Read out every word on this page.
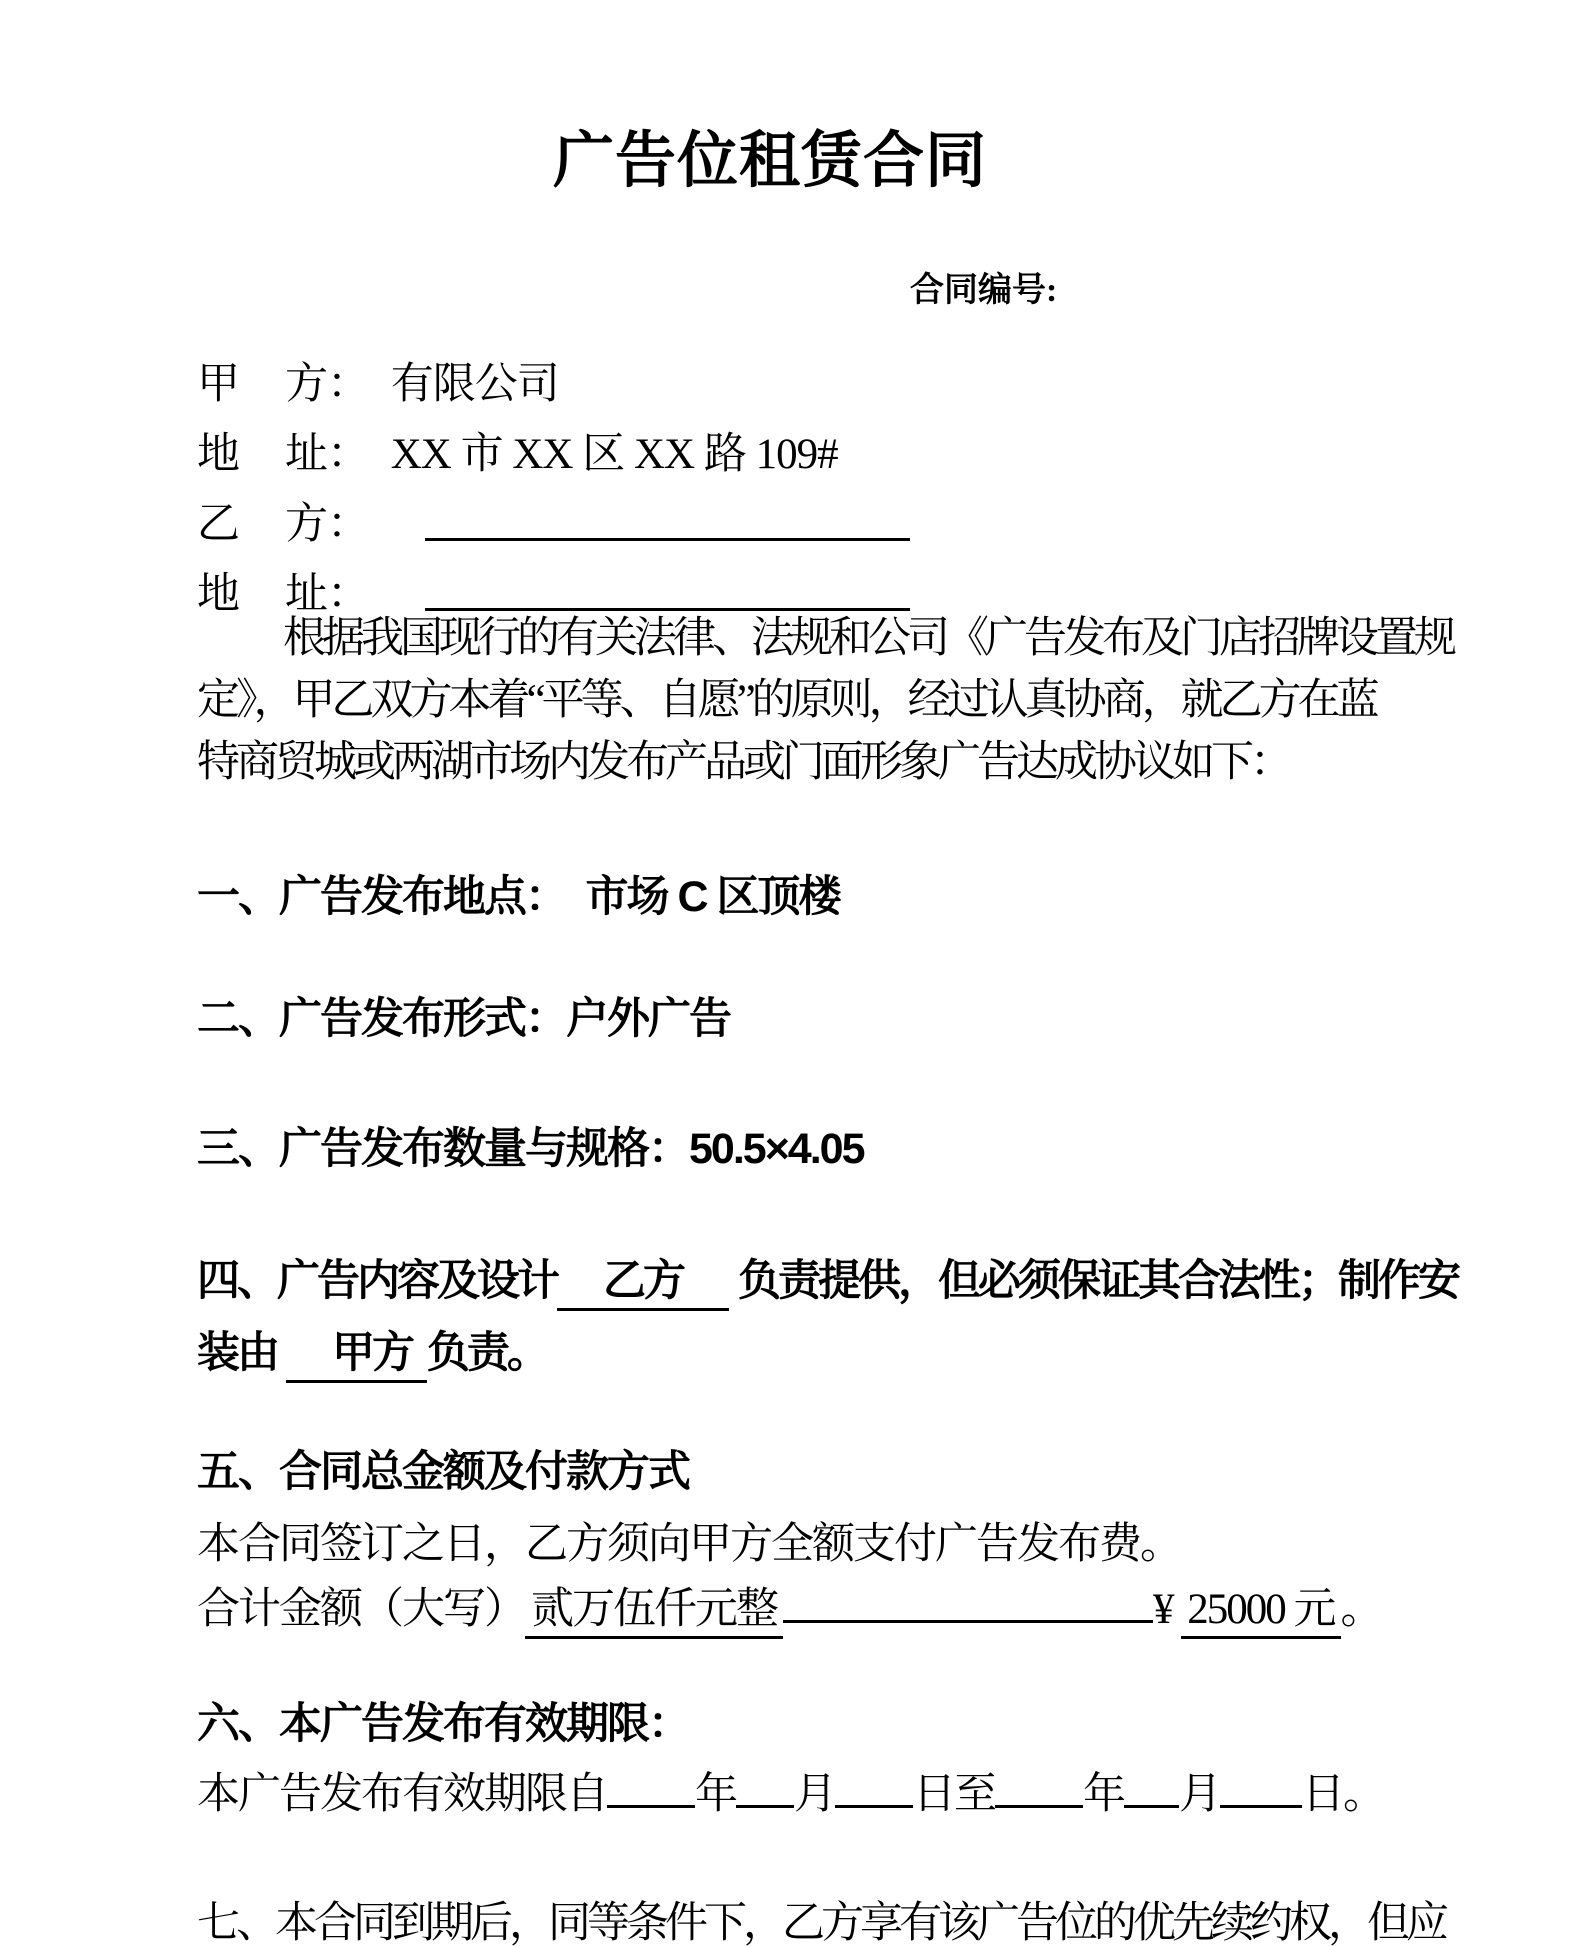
广告位租赁合同
合同编号:
甲 方： 有限公司
地 址： XX 市 XX 区 XX 路 109#
乙 方：
地 址：
根据我国现行的有关法律、法规和公司《广告发布及门店招牌设置规
定》，甲乙双方本着“平等、自愿”的原则，经过认真协商，就乙方在蓝
特商贸城或两湖市场内发布产品或门面形象广告达成协议如下：
一、广告发布地点：　市场 C 区顶楼
二、广告发布形式：户外广告
三、广告发布数量与规格：50.5×4.05
四、广告内容及设计　乙方　 负责提供，但必须保证其合法性；制作安
装由 　甲方 负责。
五、合同总金额及付款方式
本合同签订之日，乙方须向甲方全额支付广告发布费。
合计金额（大写） 贰万伍仟元整	¥ 25000 元 。
六、本广告发布有效期限：
本广告发布有效期限自 年 月 日至 年 月 日。
七、本合同到期后，同等条件下，乙方享有该广告位的优先续约权，但应
